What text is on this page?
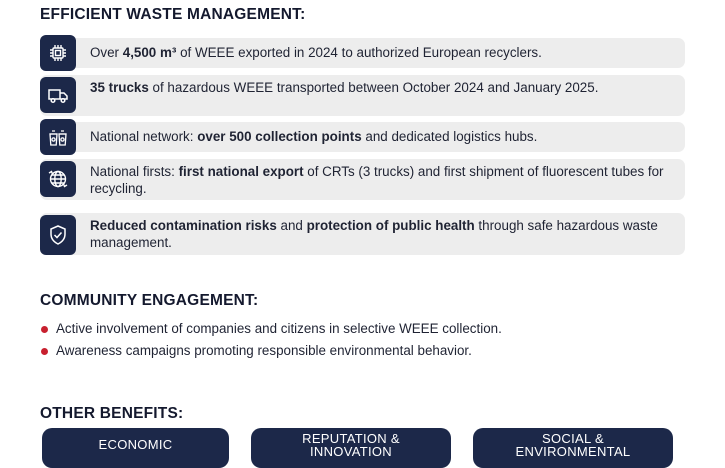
EFFICIENT WASTE MANAGEMENT:
Over 4,500 m³ of WEEE exported in 2024 to authorized European recyclers.
35 trucks of hazardous WEEE transported between October 2024 and January 2025.
National network: over 500 collection points and dedicated logistics hubs.
National firsts: first national export of CRTs (3 trucks) and first shipment of fluorescent tubes for recycling.
Reduced contamination risks and protection of public health through safe hazardous waste management.
COMMUNITY ENGAGEMENT:
Active involvement of companies and citizens in selective WEEE collection.
Awareness campaigns promoting responsible environmental behavior.
OTHER BENEFITS:
ECONOMIC	REPUTATION &
INNOVATION
SOCIAL &
ENVIRONMENTAL
